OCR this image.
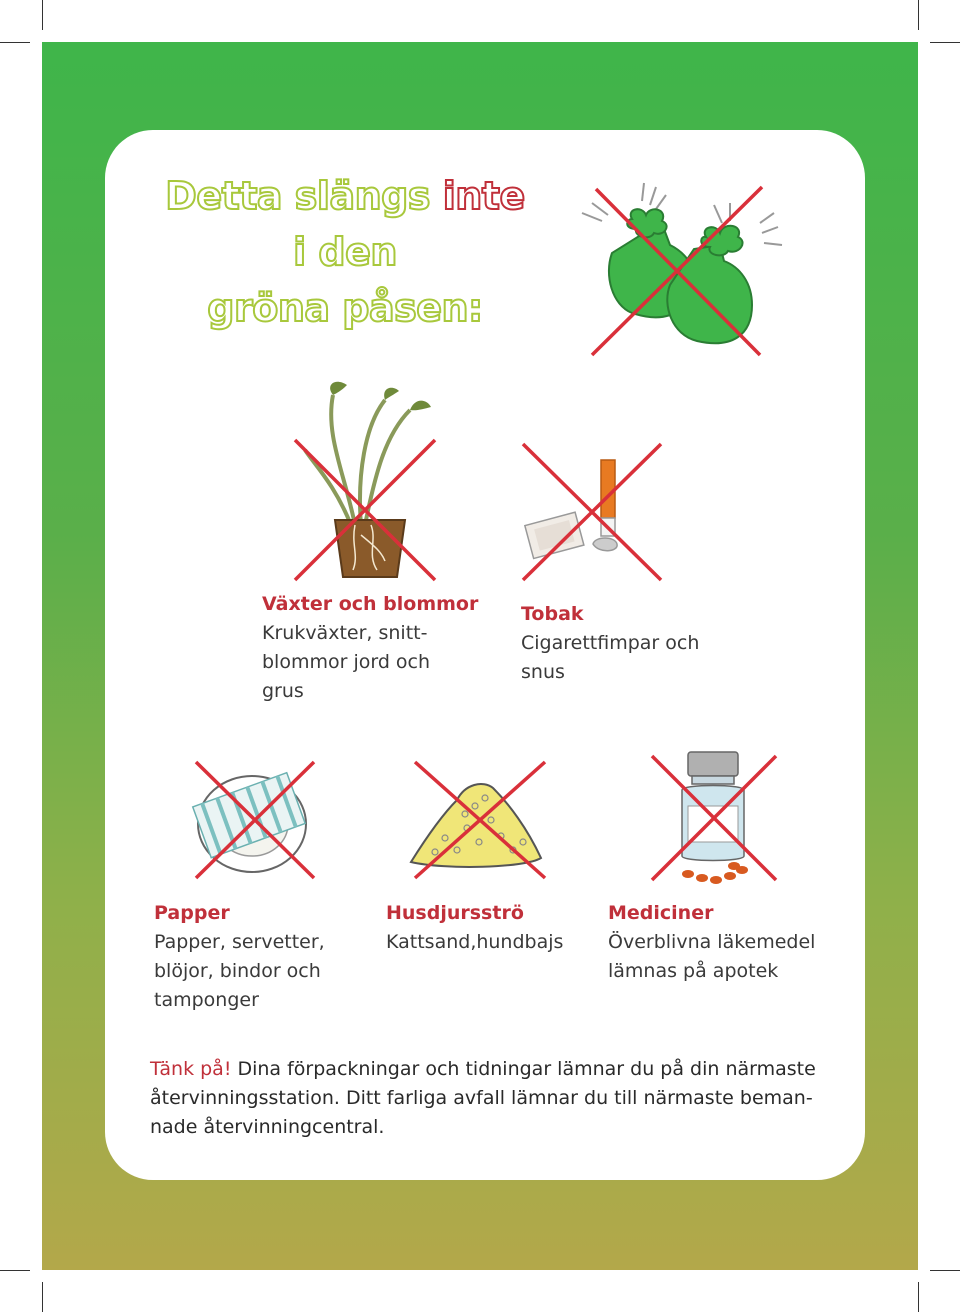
Detta slängs inte
i den
gröna påsen:
Växter och blommor
Krukväxter, snitt-
blommor jord och
grus
Tobak
Cigarettfimpar och
snus
Papper
Papper, servetter,
blöjor, bindor och
tamponger
Husdjursströ
Kattsand,hundbajs
Mediciner
Överblivna läkemedel
lämnas på apotek
Tänk på! Dina förpackningar och tidningar lämnar du på din närmaste återvinningsstation. Ditt farliga avfall lämnar du till närmaste beman-nade återvinningcentral.
